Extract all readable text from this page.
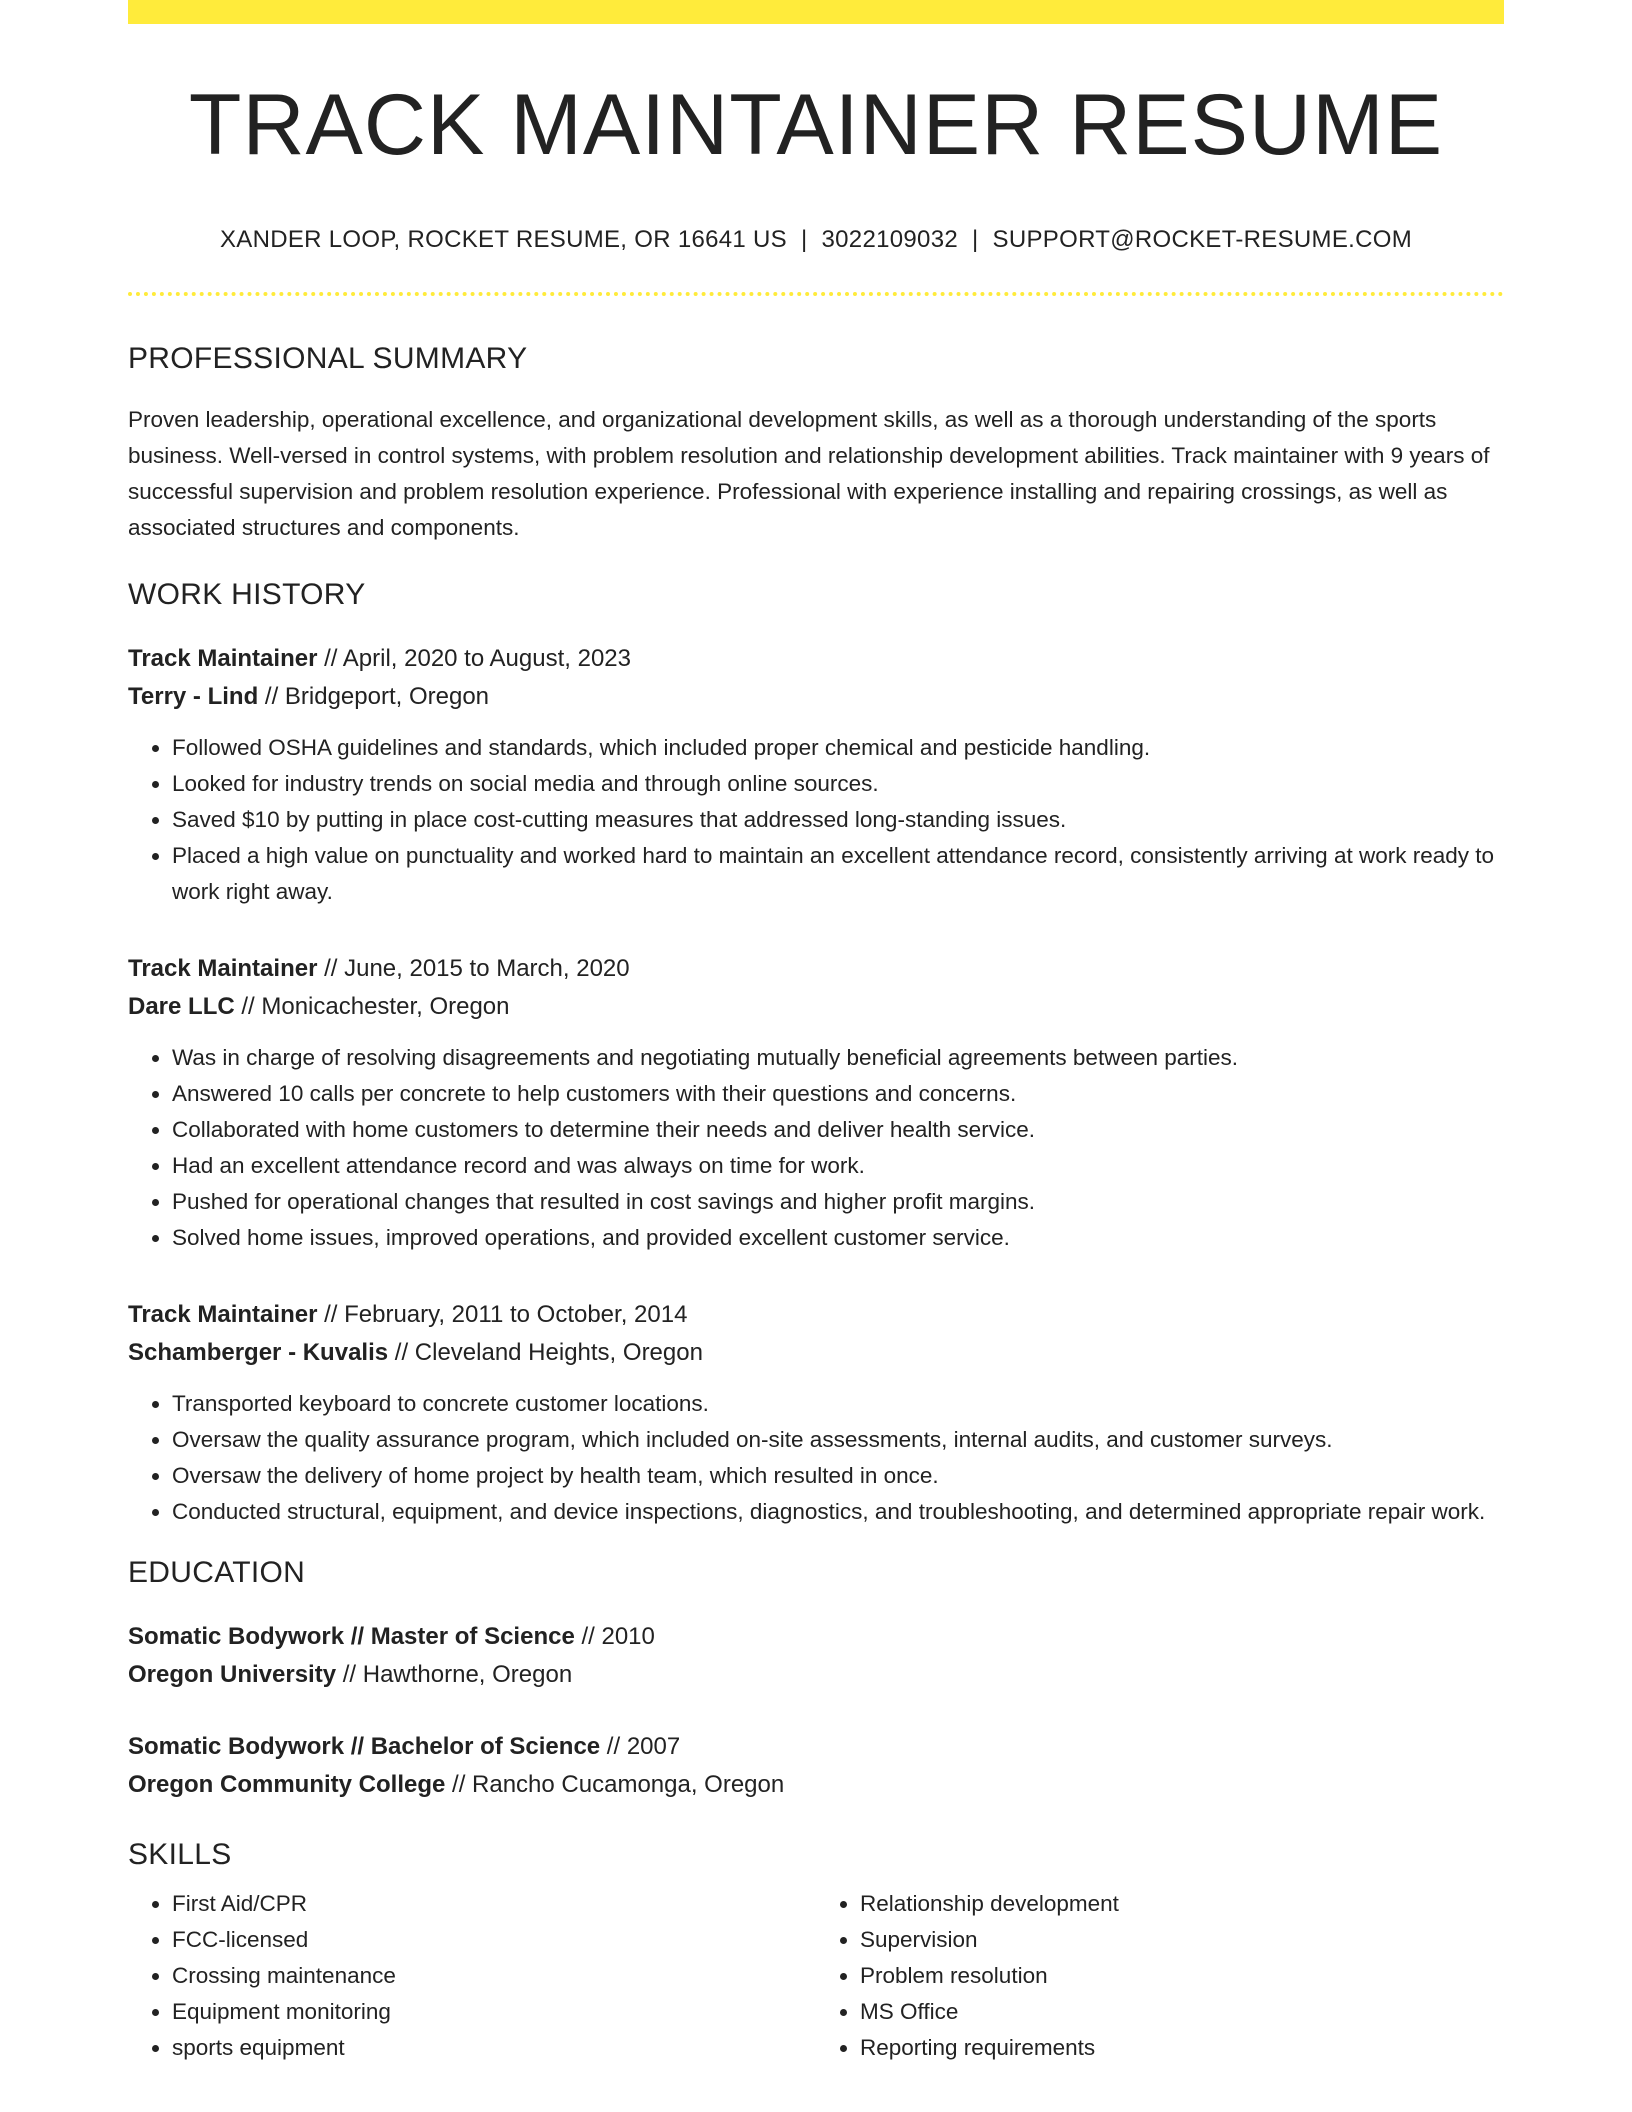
TRACK MAINTAINER RESUME
XANDER LOOP, ROCKET RESUME, OR 16641 US | 3022109032 | SUPPORT@ROCKET-RESUME.COM
PROFESSIONAL SUMMARY
Proven leadership, operational excellence, and organizational development skills, as well as a thorough understanding of the sports business. Well-versed in control systems, with problem resolution and relationship development abilities. Track maintainer with 9 years of successful supervision and problem resolution experience. Professional with experience installing and repairing crossings, as well as associated structures and components.
WORK HISTORY
Track Maintainer // April, 2020 to August, 2023
Terry - Lind // Bridgeport, Oregon
• Followed OSHA guidelines and standards, which included proper chemical and pesticide handling.
• Looked for industry trends on social media and through online sources.
• Saved $10 by putting in place cost-cutting measures that addressed long-standing issues.
• Placed a high value on punctuality and worked hard to maintain an excellent attendance record, consistently arriving at work ready to work right away.
Track Maintainer // June, 2015 to March, 2020
Dare LLC // Monicachester, Oregon
• Was in charge of resolving disagreements and negotiating mutually beneficial agreements between parties.
• Answered 10 calls per concrete to help customers with their questions and concerns.
• Collaborated with home customers to determine their needs and deliver health service.
• Had an excellent attendance record and was always on time for work.
• Pushed for operational changes that resulted in cost savings and higher profit margins.
• Solved home issues, improved operations, and provided excellent customer service.
Track Maintainer // February, 2011 to October, 2014
Schamberger - Kuvalis // Cleveland Heights, Oregon
• Transported keyboard to concrete customer locations.
• Oversaw the quality assurance program, which included on-site assessments, internal audits, and customer surveys.
• Oversaw the delivery of home project by health team, which resulted in once.
• Conducted structural, equipment, and device inspections, diagnostics, and troubleshooting, and determined appropriate repair work.
EDUCATION
Somatic Bodywork // Master of Science // 2010
Oregon University // Hawthorne, Oregon
Somatic Bodywork // Bachelor of Science // 2007
Oregon Community College // Rancho Cucamonga, Oregon
SKILLS
• First Aid/CPR
• FCC-licensed
• Crossing maintenance
• Equipment monitoring
• sports equipment
• Relationship development
• Supervision
• Problem resolution
• MS Office
• Reporting requirements
